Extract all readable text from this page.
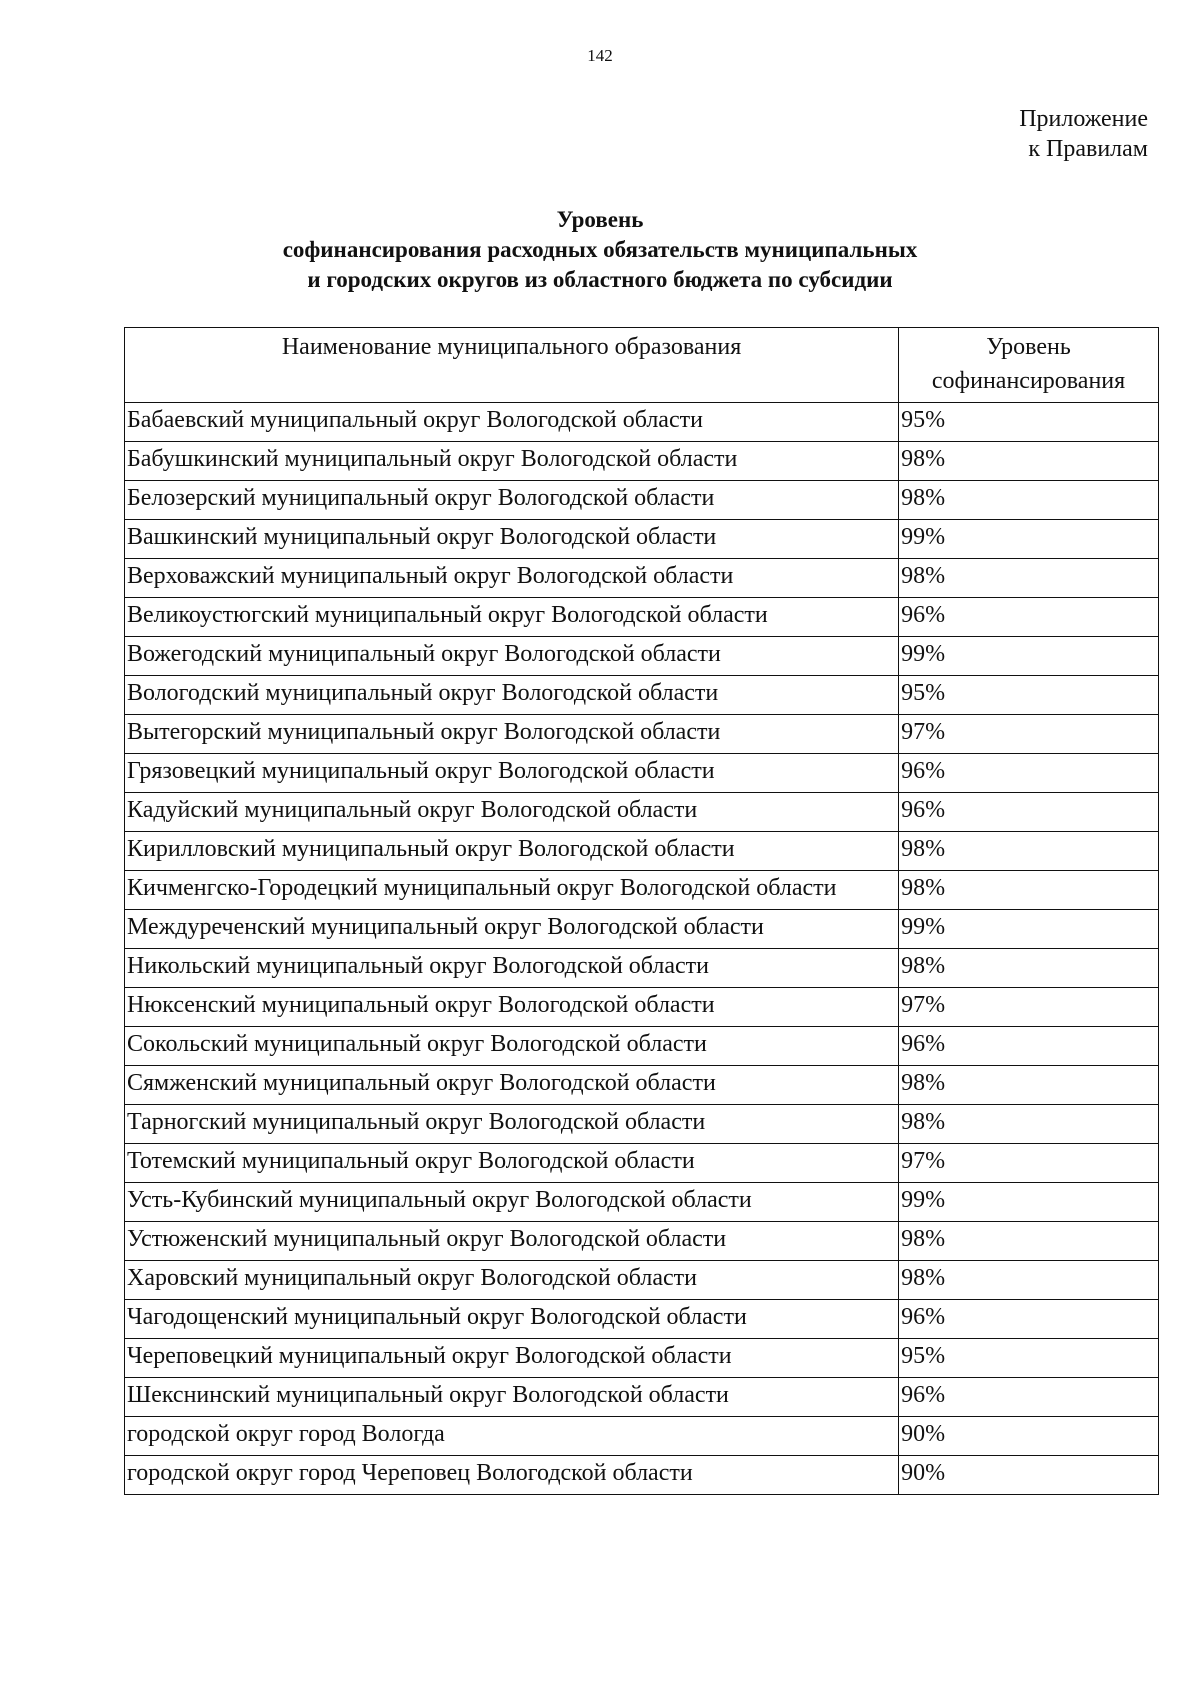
142
Приложение
к Правилам
Уровень
софинансирования расходных обязательств муниципальных
и городских округов из областного бюджета по субсидии
Наименование муниципального образования	Уровень
софинансирования

Бабаевский муниципальный округ Вологодской области	95%
Бабушкинский муниципальный округ Вологодской области	98%
Белозерский муниципальный округ Вологодской области	98%
Вашкинский муниципальный округ Вологодской области	99%
Верховажский муниципальный округ Вологодской области	98%
Великоустюгский муниципальный округ Вологодской области	96%
Вожегодский муниципальный округ Вологодской области	99%
Вологодский муниципальный округ Вологодской области	95%
Вытегорский муниципальный округ Вологодской области	97%
Грязовецкий муниципальный округ Вологодской области	96%
Кадуйский муниципальный округ Вологодской области	96%
Кирилловский муниципальный округ Вологодской области	98%
Кичменгско-Городецкий муниципальный округ Вологодской области	98%
Междуреченский муниципальный округ Вологодской области	99%
Никольский муниципальный округ Вологодской области	98%
Нюксенский муниципальный округ Вологодской области	97%
Сокольский муниципальный округ Вологодской области	96%
Сямженский муниципальный округ Вологодской области	98%
Тарногский муниципальный округ Вологодской области	98%
Тотемский муниципальный округ Вологодской области	97%
Усть-Кубинский муниципальный округ Вологодской области	99%
Устюженский муниципальный округ Вологодской области	98%
Харовский муниципальный округ Вологодской области	98%
Чагодощенский муниципальный округ Вологодской области	96%
Череповецкий муниципальный округ Вологодской области	95%
Шекснинский муниципальный округ Вологодской области	96%
городской округ город Вологда	90%
городской округ город Череповец Вологодской области	90%
